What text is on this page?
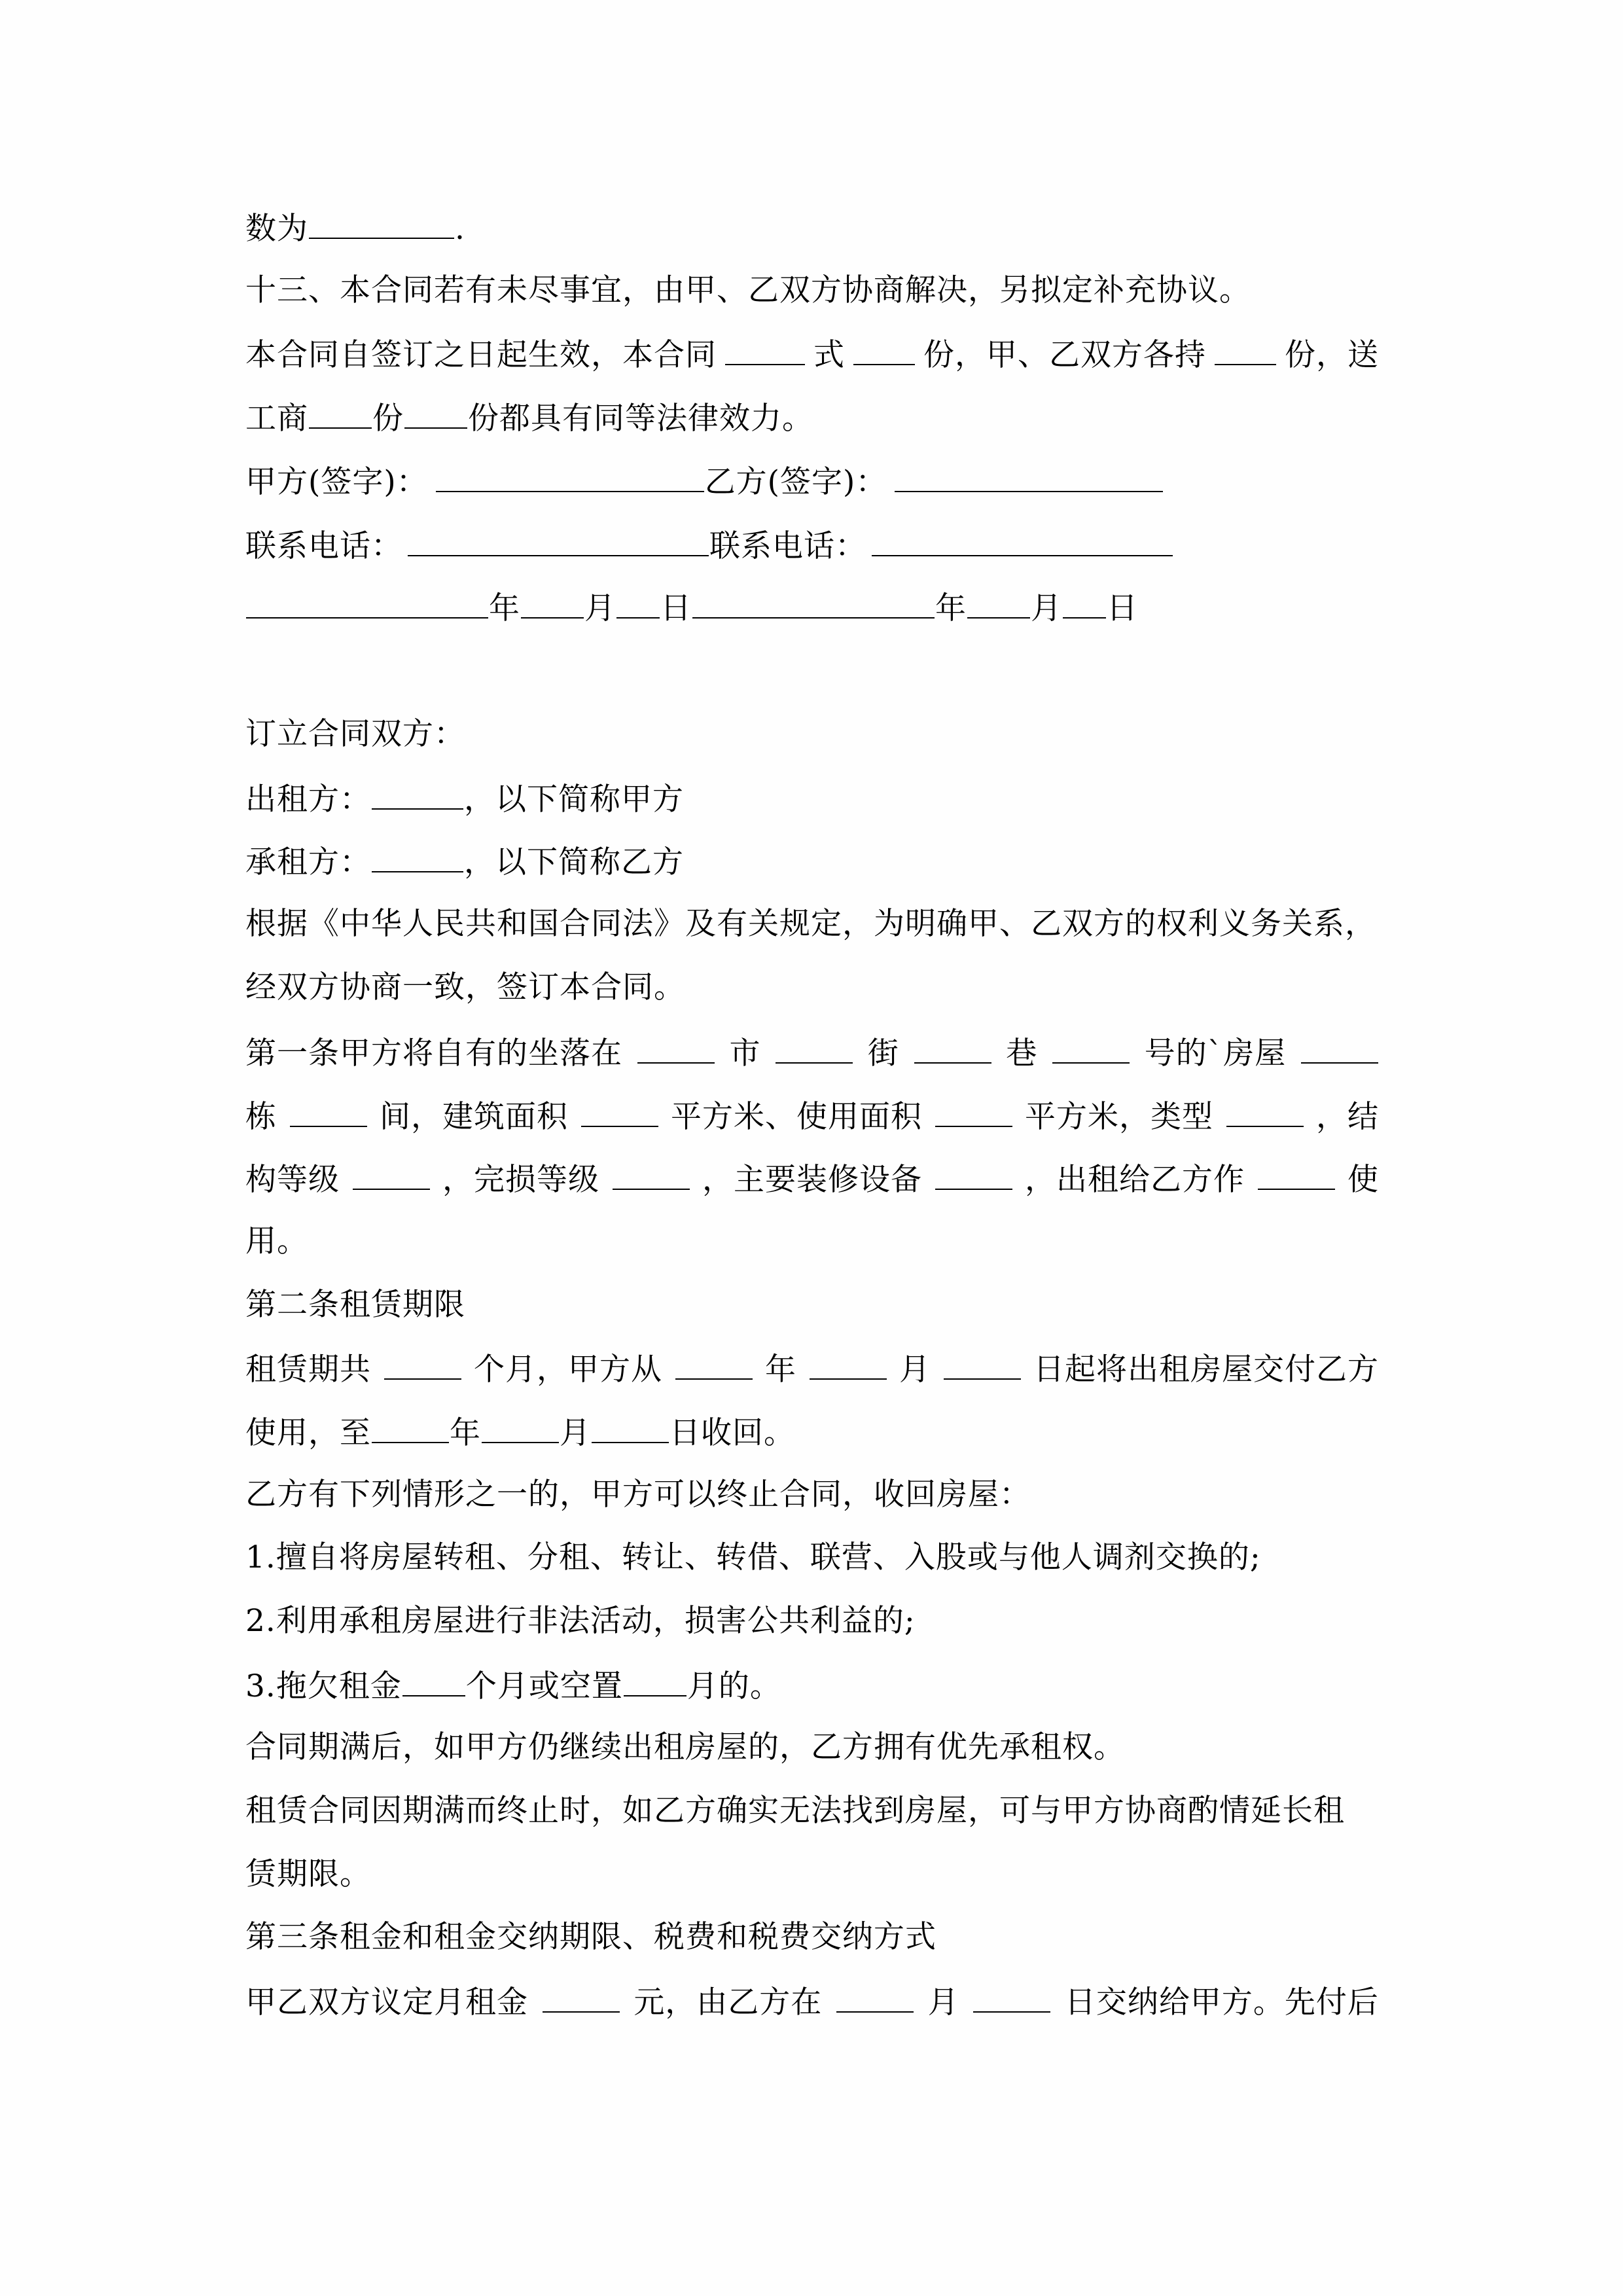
数为	.
十三、本合同若有未尽事宜，由甲、乙双方协商解决，另拟定补充协议。
本合同自签订之日起生效，本合同	式	份，甲、乙双方各持	份，送
工商 份 份都具有同等法律效力。
甲方(签字)：	乙方(签字)：
联系电话：	联系电话：
年 月 日	年 月 日
订立合同双方：
出租方：	，以下简称甲方
承租方：	，以下简称乙方
根据《中华人民共和国合同法》及有关规定，为明确甲、乙双方的权利义务关系，
经双方协商一致，签订本合同。
第一条甲方将自有的坐落在	市	街	巷	号的`房屋
栋	间，建筑面积	平方米、使用面积	平方米，类型	，结
构等级	，完损等级	，主要装修设备	，出租给乙方作	使
用。
第二条租赁期限
租赁期共	个月，甲方从	年	月	日起将出租房屋交付乙方
使用，至	年	月	日收回。
乙方有下列情形之一的，甲方可以终止合同，收回房屋：
1.擅自将房屋转租、分租、转让、转借、联营、入股或与他人调剂交换的;
2.利用承租房屋进行非法活动，损害公共利益的;
3.拖欠租金 个月或空置 月的。
合同期满后，如甲方仍继续出租房屋的，乙方拥有优先承租权。
租赁合同因期满而终止时，如乙方确实无法找到房屋，可与甲方协商酌情延长租
赁期限。
第三条租金和租金交纳期限、税费和税费交纳方式
甲乙双方议定月租金	元，由乙方在	月	日交纳给甲方。先付后
